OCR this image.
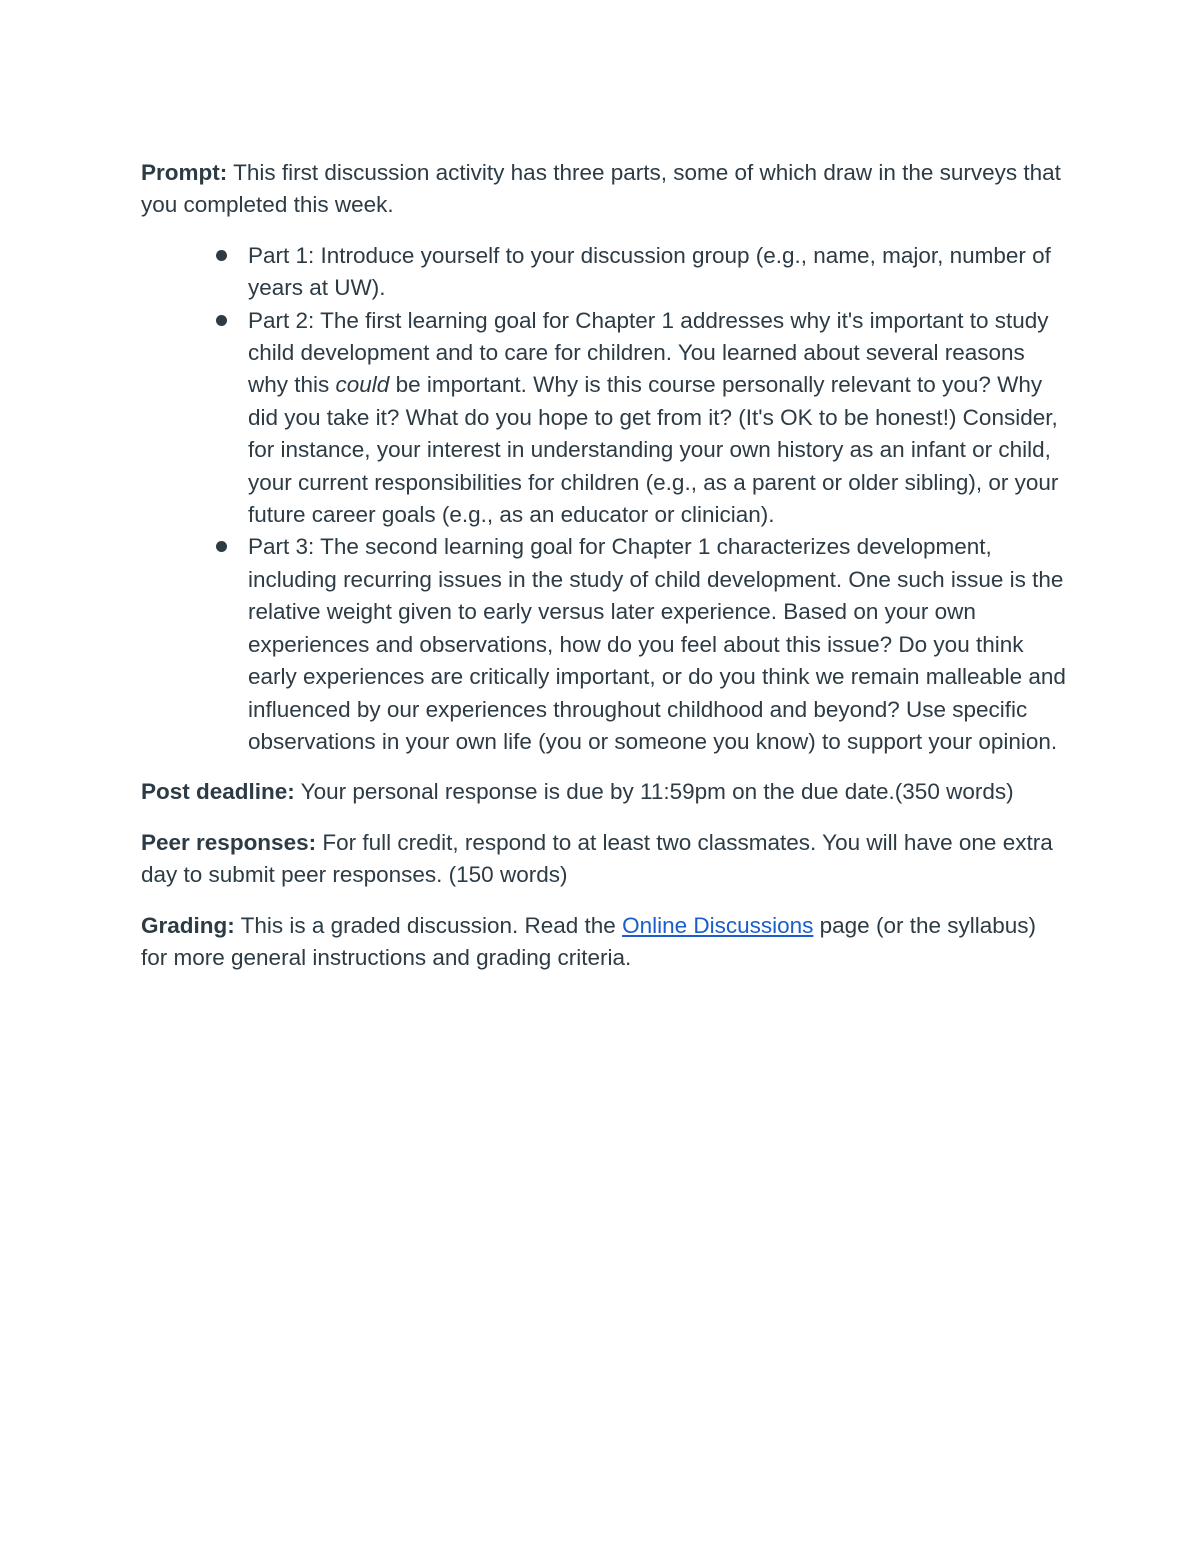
Prompt: This first discussion activity has three parts, some of which draw in the surveys that you completed this week.

Part 1: Introduce yourself to your discussion group (e.g., name, major, number of years at UW).
Part 2: The first learning goal for Chapter 1 addresses why it's important to study child development and to care for children. You learned about several reasons why this could be important. Why is this course personally relevant to you? Why did you take it? What do you hope to get from it? (It's OK to be honest!) Consider, for instance, your interest in understanding your own history as an infant or child, your current responsibilities for children (e.g., as a parent or older sibling), or your future career goals (e.g., as an educator or clinician).
Part 3: The second learning goal for Chapter 1 characterizes development, including recurring issues in the study of child development. One such issue is the relative weight given to early versus later experience. Based on your own experiences and observations, how do you feel about this issue? Do you think early experiences are critically important, or do you think we remain malleable and influenced by our experiences throughout childhood and beyond? Use specific observations in your own life (you or someone you know) to support your opinion.

Post deadline: Your personal response is due by 11:59pm on the due date.(350 words)

Peer responses: For full credit, respond to at least two classmates. You will have one extra day to submit peer responses. (150 words)

Grading: This is a graded discussion. Read the Online Discussions page (or the syllabus) for more general instructions and grading criteria.
